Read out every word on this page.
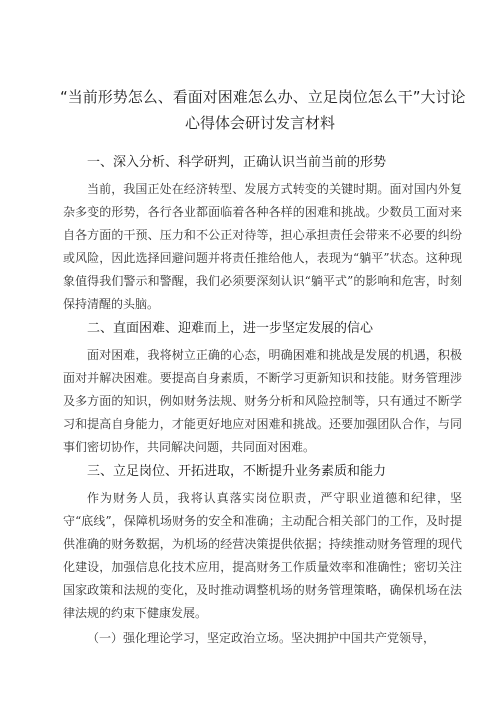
“当前形势怎么、看面对困难怎么办、立足岗位怎么干”大讨论
心得体会研讨发言材料
一、深入分析、科学研判，正确认识当前当前的形势

当前，我国正处在经济转型、发展方式转变的关键时期。面对国内外复杂多变的形势，各行各业都面临着各种各样的困难和挑战。少数员工面对来自各方面的干预、压力和不公正对待等，担心承担责任会带来不必要的纠纷或风险，因此选择回避问题并将责任推给他人，表现为“躺平”状态。这种现象值得我们警示和警醒，我们必须要深刻认识“躺平式”的影响和危害，时刻保持清醒的头脑。

二、直面困难、迎难而上，进一步坚定发展的信心

面对困难，我将树立正确的心态，明确困难和挑战是发展的机遇，积极面对并解决困难。要提高自身素质，不断学习更新知识和技能。财务管理涉及多方面的知识，例如财务法规、财务分析和风险控制等，只有通过不断学习和提高自身能力，才能更好地应对困难和挑战。还要加强团队合作，与同事们密切协作，共同解决问题，共同面对困难。

三、立足岗位、开拓进取，不断提升业务素质和能力

作为财务人员，我将认真落实岗位职责，严守职业道德和纪律，坚守“底线”，保障机场财务的安全和准确；主动配合相关部门的工作，及时提供准确的财务数据，为机场的经营决策提供依据；持续推动财务管理的现代化建设，加强信息化技术应用，提高财务工作质量效率和准确性；密切关注国家政策和法规的变化，及时推动调整机场的财务管理策略，确保机场在法律法规的约束下健康发展。

（一）强化理论学习，坚定政治立场。坚决拥护中国共产党领导，
